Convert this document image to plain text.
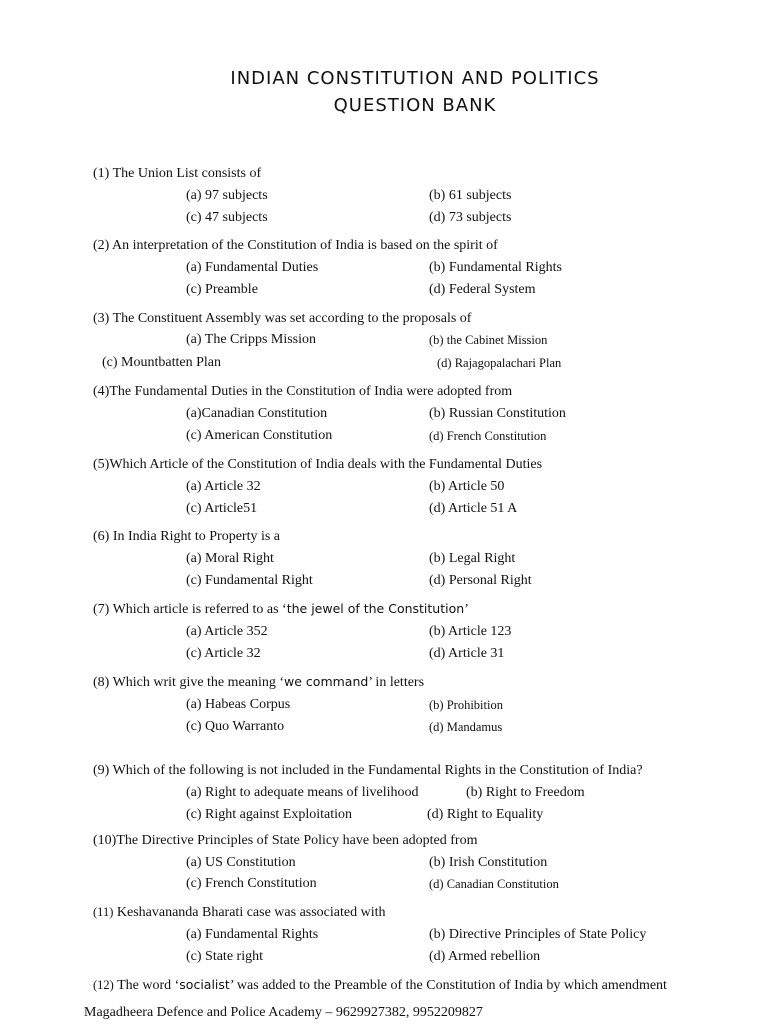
INDIAN CONSTITUTION AND POLITICS
QUESTION BANK
(1) The Union List consists of
(a) 97 subjects	(b) 61 subjects
(c) 47 subjects	(d) 73 subjects
(2) An interpretation of the Constitution of India is based on the spirit of
(a) Fundamental Duties	(b) Fundamental Rights
(c) Preamble	(d) Federal System
(3) The Constituent Assembly was set according to the proposals of
(a) The Cripps Mission	(b) the Cabinet Mission
(c) Mountbatten Plan	(d) Rajagopalachari Plan
(4)The Fundamental Duties in the Constitution of India were adopted from
(a)Canadian Constitution	(b) Russian Constitution
(c) American Constitution	(d) French Constitution
(5)Which Article of the Constitution of India deals with the Fundamental Duties
(a) Article 32	(b) Article 50
(c) Article51	(d) Article 51 A
(6) In India Right to Property is a
(a) Moral Right	(b) Legal Right
(c) Fundamental Right	(d) Personal Right
(7) Which article is referred to as ‘the jewel of the Constitution’
(a) Article 352	(b) Article 123
(c) Article 32	(d) Article 31
(8) Which writ give the meaning ‘we command’ in letters
(a) Habeas Corpus	(b) Prohibition
(c) Quo Warranto	(d) Mandamus
(9) Which of the following is not included in the Fundamental Rights in the Constitution of India?
(a) Right to adequate means of livelihood	(b) Right to Freedom
(c) Right against Exploitation	(d) Right to Equality
(10)The Directive Principles of State Policy have been adopted from
(a) US Constitution	(b) Irish Constitution
(c) French Constitution	(d) Canadian Constitution
(11) Keshavananda Bharati case was associated with
(a) Fundamental Rights	(b) Directive Principles of State Policy
(c) State right	(d) Armed rebellion
(12) The word ‘socialist’ was added to the Preamble of the Constitution of India by which amendment
Magadheera Defence and Police Academy – 9629927382, 9952209827
